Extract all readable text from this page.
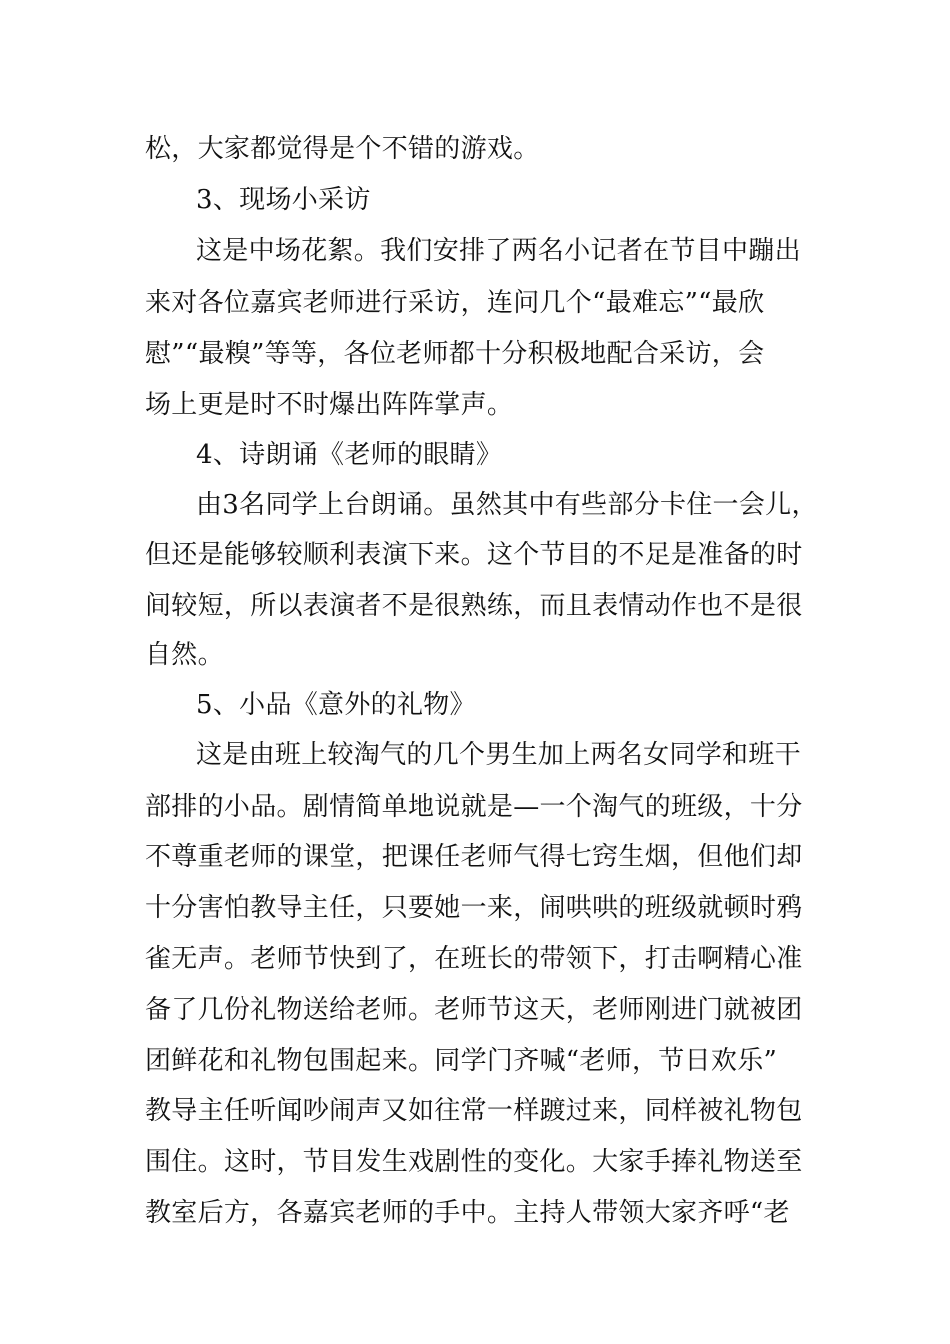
松，大家都觉得是个不错的游戏。
3、现场小采访
这是中场花絮。我们安排了两名小记者在节目中蹦出
来对各位嘉宾老师进行采访，连问几个“最难忘”“最欣
慰”“最糗”等等，各位老师都十分积极地配合采访，会
场上更是时不时爆出阵阵掌声。
4、诗朗诵《老师的眼睛》
由3名同学上台朗诵。虽然其中有些部分卡住一会儿，
但还是能够较顺利表演下来。这个节目的不足是准备的时
间较短，所以表演者不是很熟练，而且表情动作也不是很
自然。
5、小品《意外的礼物》
这是由班上较淘气的几个男生加上两名女同学和班干
部排的小品。剧情简单地说就是—一个淘气的班级，十分
不尊重老师的课堂，把课任老师气得七窍生烟，但他们却
十分害怕教导主任，只要她一来，闹哄哄的班级就顿时鸦
雀无声。老师节快到了，在班长的带领下，打击啊精心准
备了几份礼物送给老师。老师节这天，老师刚进门就被团
团鲜花和礼物包围起来。同学门齐喊“老师，节日欢乐”
教导主任听闻吵闹声又如往常一样踱过来，同样被礼物包
围住。这时，节目发生戏剧性的变化。大家手捧礼物送至
教室后方，各嘉宾老师的手中。主持人带领大家齐呼“老
